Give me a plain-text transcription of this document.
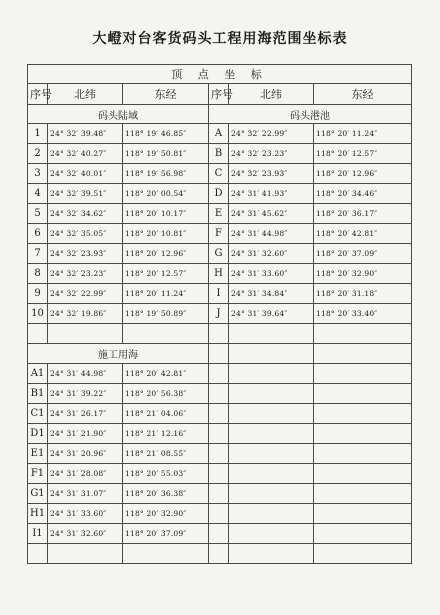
大嶝对台客货码头工程用海范围坐标表
顶 点 坐 标					
序号	北纬	东经	序号	北纬	东经
码头陆域			码头港池		
1	24° 32′ 39.48″	118° 19′ 46.85″	A	24° 32′ 22.99″	118° 20′ 11.24″
2	24° 32′ 40.27″	118° 19′ 50.81″	B	24° 32′ 23.23″	118° 20′ 12.57″
3	24° 32′ 40.01″	118° 19′ 56.98″	C	24° 32′ 23.93″	118° 20′ 12.96″
4	24° 32′ 39.51″	118° 20′ 00.54″	D	24° 31′ 41.93″	118° 20′ 34.46″
5	24° 32′ 34.62″	118° 20′ 10.17″	E	24° 31′ 45.62″	118° 20′ 36.17″
6	24° 32′ 35.05″	118° 20′ 10.81″	F	24° 31′ 44.98″	118° 20′ 42.81″
7	24° 32′ 23.93″	118° 20′ 12.96″	G	24° 31′ 32.60″	118° 20′ 37.09″
8	24° 32′ 23.23″	118° 20′ 12.57″	H	24° 31′ 33.60″	118° 20′ 32.90″
9	24° 32′ 22.99″	118° 20′ 11.24″	I	24° 31′ 34.84″	118° 20′ 31.18″
10	24° 32′ 19.86″	118° 19′ 50.89″	J	24° 31′ 39.64″	118° 20′ 33.40″

施工用海					
A1	24° 31′ 44.98″	118° 20′ 42.81″			
B1	24° 31′ 39.22″	118° 20′ 56.38″			
C1	24° 31′ 26.17″	118° 21′ 04.06″			
D1	24° 31′ 21.90″	118° 21′ 12.16″			
E1	24° 31′ 20.96″	118° 21′ 08.55″			
F1	24° 31′ 28.08″	118° 20′ 55.03″			
G1	24° 31′ 31.07″	118° 20′ 36.38″			
H1	24° 31′ 33.60″	118° 20′ 32.90″			
I1	24° 31′ 32.60″	118° 20′ 37.09″			
